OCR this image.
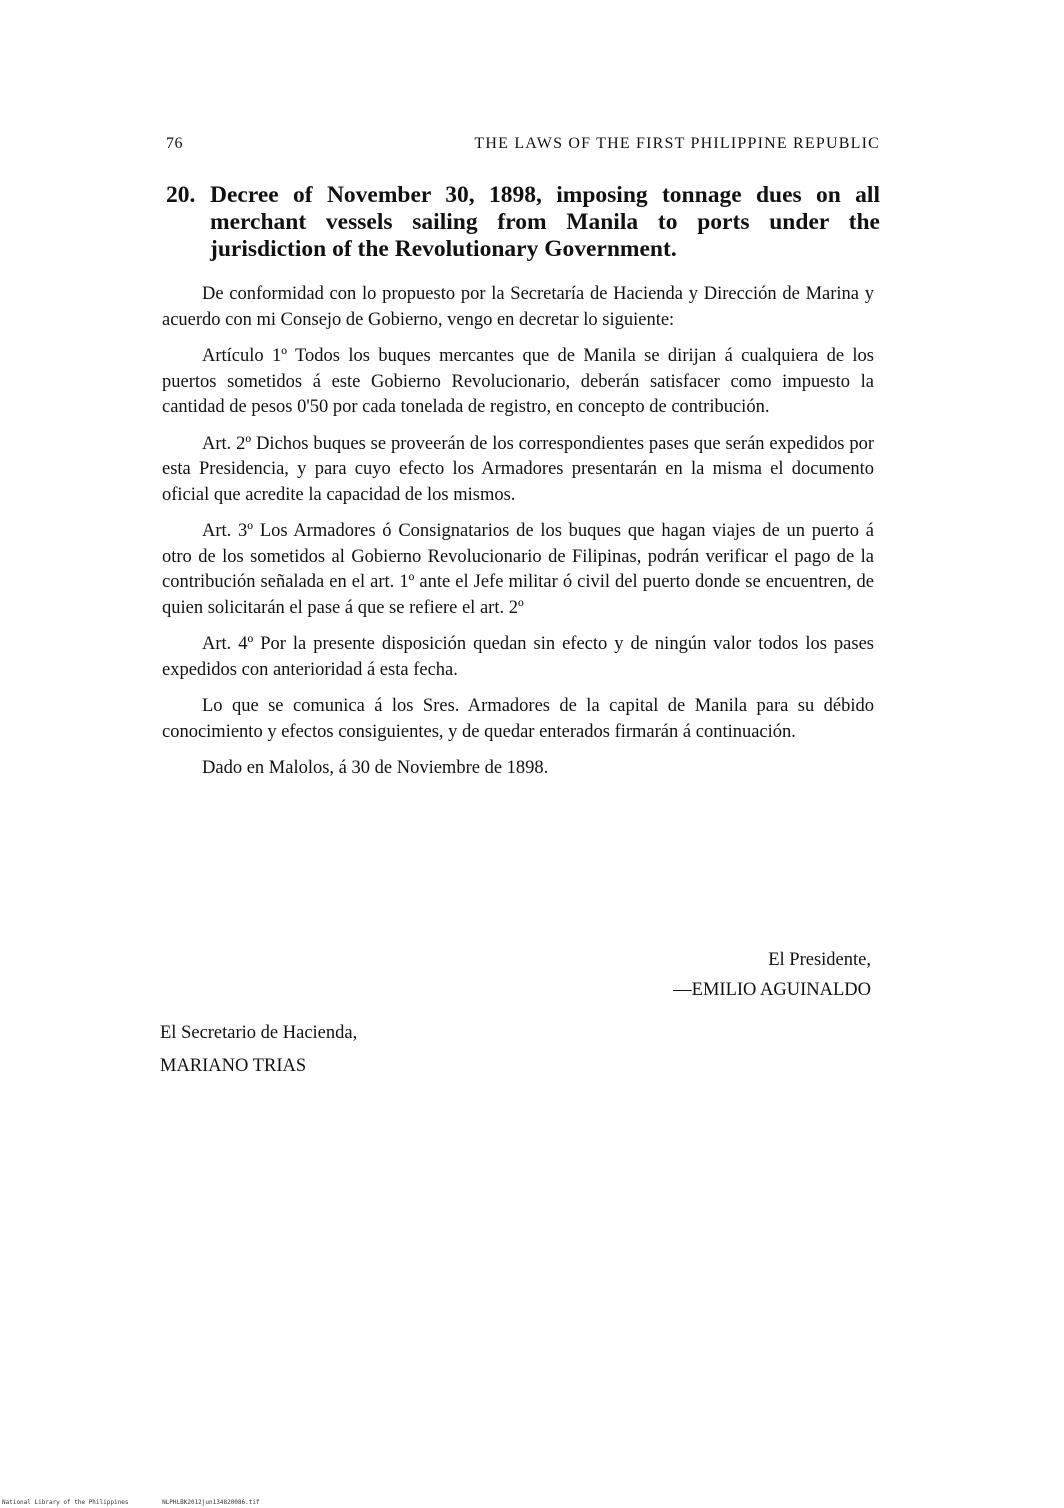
76	THE LAWS OF THE FIRST PHILIPPINE REPUBLIC
20. Decree of November 30, 1898, imposing tonnage dues on all merchant vessels sailing from Manila to ports under the jurisdiction of the Revolutionary Government.

De conformidad con lo propuesto por la Secretaría de Hacienda y Dirección de Marina y acuerdo con mi Consejo de Gobierno, vengo en decretar lo siguiente:

Artículo 1º Todos los buques mercantes que de Manila se dirijan á cualquiera de los puertos sometidos á este Gobierno Revolucionario, deberán satisfacer como impuesto la cantidad de pesos 0'50 por cada tonelada de registro, en concepto de contribución.

Art. 2º Dichos buques se proveerán de los correspondientes pases que serán expedidos por esta Presidencia, y para cuyo efecto los Armadores presentarán en la misma el documento oficial que acredite la capacidad de los mismos.

Art. 3º Los Armadores ó Consignatarios de los buques que hagan viajes de un puerto á otro de los sometidos al Gobierno Revolucionario de Filipinas, podrán verificar el pago de la contribución señalada en el art. 1º ante el Jefe militar ó civil del puerto donde se encuentren, de quien solicitarán el pase á que se refiere el art. 2º

Art. 4º Por la presente disposición quedan sin efecto y de ningún valor todos los pases expedidos con anterioridad á esta fecha.

Lo que se comunica á los Sres. Armadores de la capital de Manila para su débido conocimiento y efectos consiguientes, y de quedar enterados firmarán á continuación.

Dado en Malolos, á 30 de Noviembre de 1898.

El Presidente,
—EMILIO AGUINALDO
El Secretario de Hacienda,
MARIANO TRIAS
National Library of the Philippines	NLPHLBK2012jun134820086.tif
